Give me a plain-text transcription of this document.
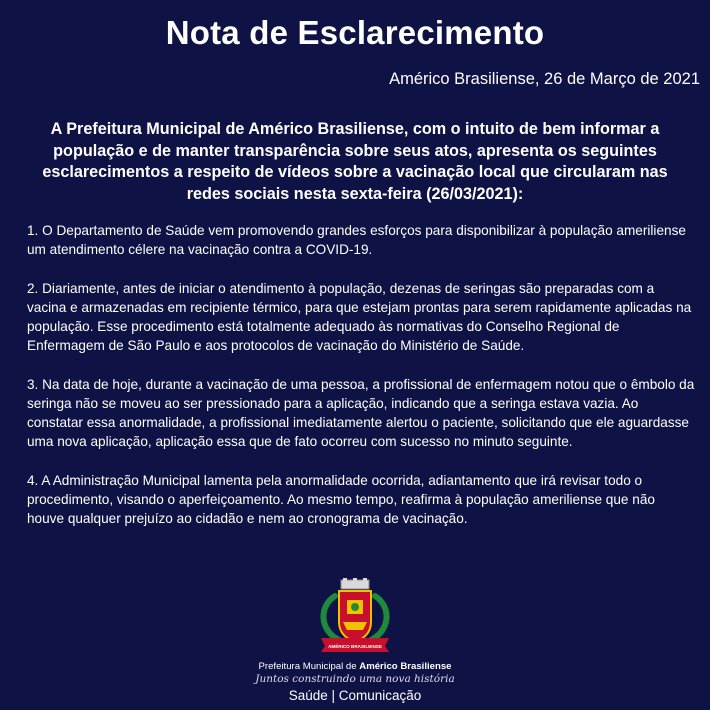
Nota de Esclarecimento
Américo Brasiliense, 26 de Março de 2021
A Prefeitura Municipal de Américo Brasiliense, com o intuito de bem informar a população e de manter transparência sobre seus atos, apresenta os seguintes esclarecimentos a respeito de vídeos sobre a vacinação local que circularam nas redes sociais nesta sexta-feira (26/03/2021):

1. O Departamento de Saúde vem promovendo grandes esforços para disponibilizar à população ameriliense um atendimento célere na vacinação contra a COVID-19.

2. Diariamente, antes de iniciar o atendimento à população, dezenas de seringas são preparadas com a vacina e armazenadas em recipiente térmico, para que estejam prontas para serem rapidamente aplicadas na população. Esse procedimento está totalmente adequado às normativas do Conselho Regional de Enfermagem de São Paulo e aos protocolos de vacinação do Ministério de Saúde.

3. Na data de hoje, durante a vacinação de uma pessoa, a profissional de enfermagem notou que o êmbolo da seringa não se moveu ao ser pressionado para a aplicação, indicando que a seringa estava vazia. Ao constatar essa anormalidade, a profissional imediatamente alertou o paciente, solicitando que ele aguardasse uma nova aplicação, aplicação essa que de fato ocorreu com sucesso no minuto seguinte.

4. A Administração Municipal lamenta pela anormalidade ocorrida, adiantamento que irá revisar todo o procedimento, visando o aperfeiçoamento. Ao mesmo tempo, reafirma à população ameriliense que não houve qualquer prejuízo ao cidadão e nem ao cronograma de vacinação.

AMÉRICO BRASILIENSE
Prefeitura Municipal de Américo Brasiliense
Juntos construindo uma nova história
Saúde | Comunicação
